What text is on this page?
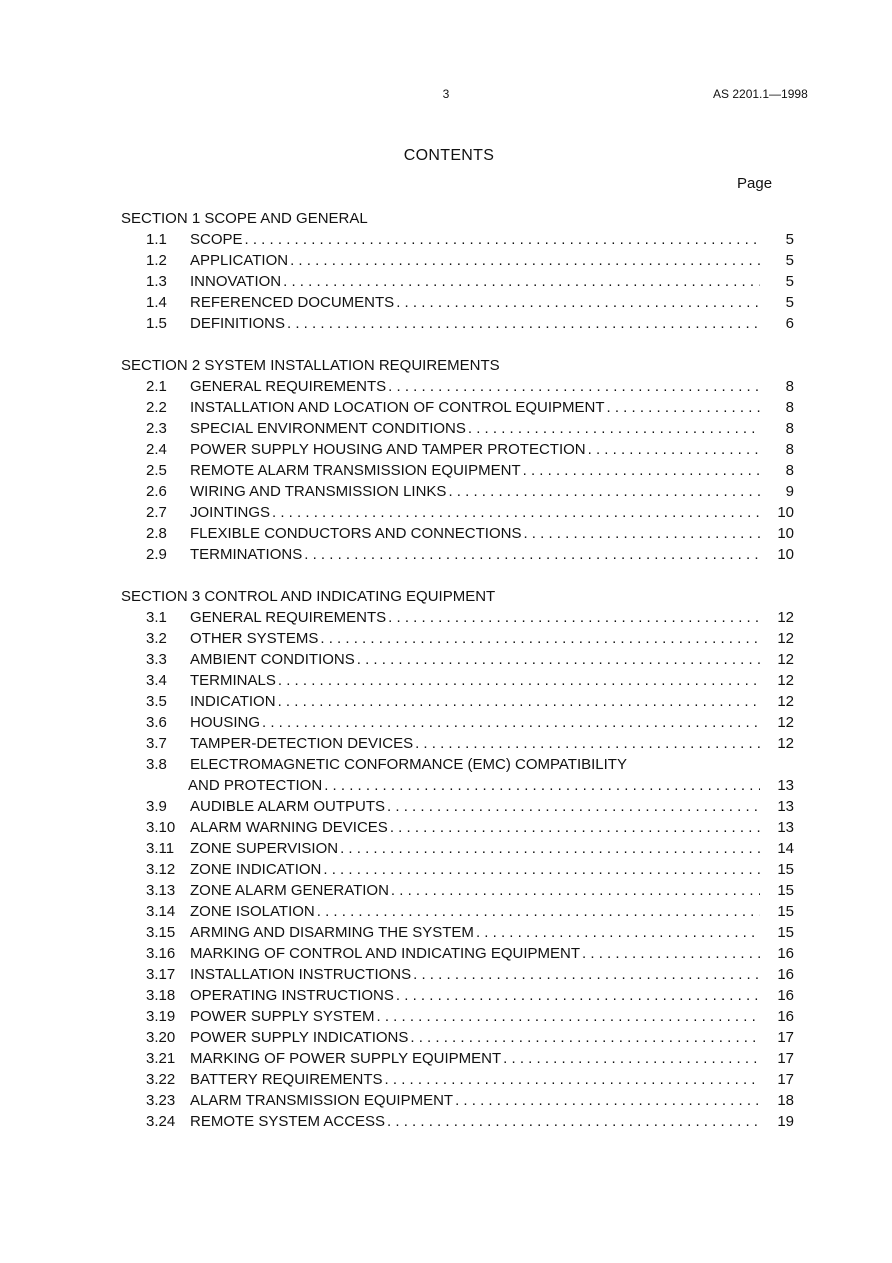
3	AS 2201.1—1998
CONTENTS
Page
SECTION 1 SCOPE AND GENERAL
1.1 SCOPE . . .	5
1.2 APPLICATION . . .	5
1.3 INNOVATION . . .	5
1.4 REFERENCED DOCUMENTS . . .	5
1.5 DEFINITIONS . . .	6
SECTION 2 SYSTEM INSTALLATION REQUIREMENTS
2.1 GENERAL REQUIREMENTS . . .	8
2.2 INSTALLATION AND LOCATION OF CONTROL EQUIPMENT . . .	8
2.3 SPECIAL ENVIRONMENT CONDITIONS . . .	8
2.4 POWER SUPPLY HOUSING AND TAMPER PROTECTION . . .	8
2.5 REMOTE ALARM TRANSMISSION EQUIPMENT . . .	8
2.6 WIRING AND TRANSMISSION LINKS . . .	9
2.7 JOINTINGS . . .	10
2.8 FLEXIBLE CONDUCTORS AND CONNECTIONS . . .	10
2.9 TERMINATIONS . . .	10
SECTION 3 CONTROL AND INDICATING EQUIPMENT
3.1 GENERAL REQUIREMENTS . . .	12
3.2 OTHER SYSTEMS . . .	12
3.3 AMBIENT CONDITIONS . . .	12
3.4 TERMINALS . . .	12
3.5 INDICATION . . .	12
3.6 HOUSING . . .	12
3.7 TAMPER-DETECTION DEVICES . . .	12
3.8 ELECTROMAGNETIC CONFORMANCE (EMC) COMPATIBILITY
AND PROTECTION . . .	13
3.9 AUDIBLE ALARM OUTPUTS . . .	13
3.10 ALARM WARNING DEVICES . . .	13
3.11 ZONE SUPERVISION . . .	14
3.12 ZONE INDICATION . . .	15
3.13 ZONE ALARM GENERATION . . .	15
3.14 ZONE ISOLATION . . .	15
3.15 ARMING AND DISARMING THE SYSTEM . . .	15
3.16 MARKING OF CONTROL AND INDICATING EQUIPMENT . . .	16
3.17 INSTALLATION INSTRUCTIONS . . .	16
3.18 OPERATING INSTRUCTIONS . . .	16
3.19 POWER SUPPLY SYSTEM . . .	16
3.20 POWER SUPPLY INDICATIONS . . .	17
3.21 MARKING OF POWER SUPPLY EQUIPMENT . . .	17
3.22 BATTERY REQUIREMENTS . . .	17
3.23 ALARM TRANSMISSION EQUIPMENT . . .	18
3.24 REMOTE SYSTEM ACCESS . . .	19
